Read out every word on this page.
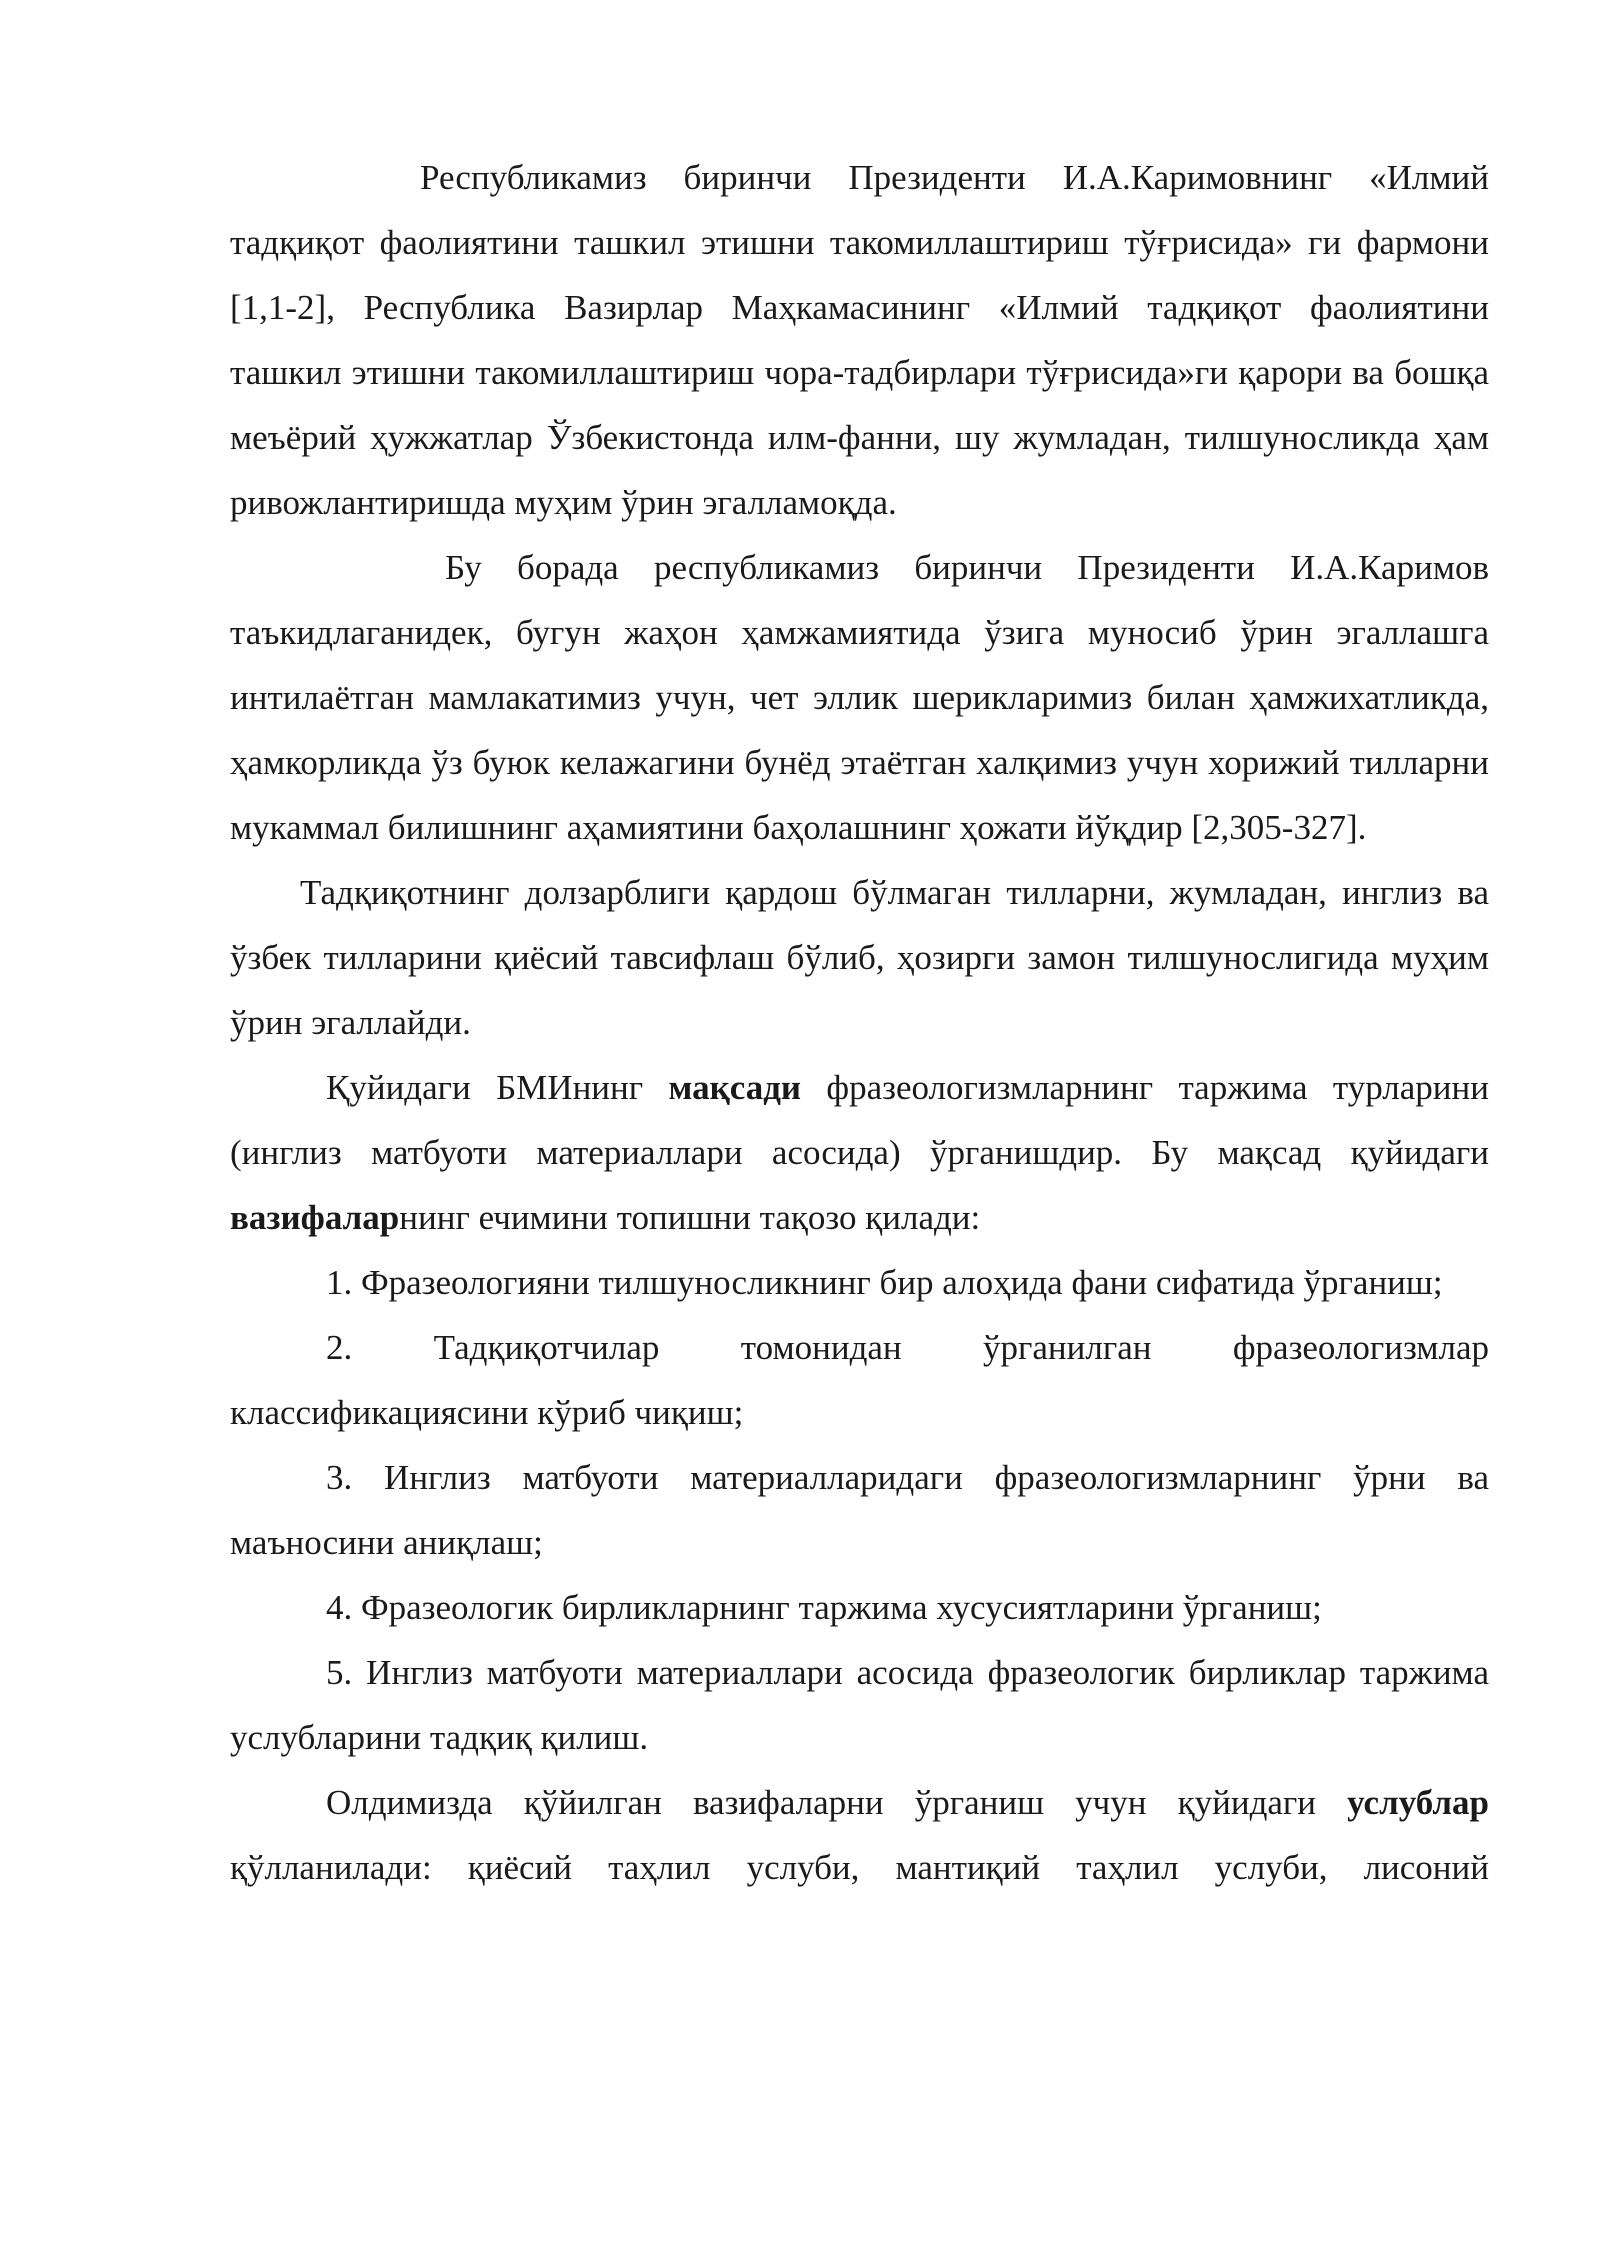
Республикамиз биринчи Президенти И.А.Каримовнинг «Илмий тадқиқот фаолиятини ташкил этишни такомиллаштириш тўғрисида» ги фармони [1,1-2], Республика Вазирлар Маҳкамасининг «Илмий тадқиқот фаолиятини ташкил этишни такомиллаштириш чора-тадбирлари тўғрисида»ги қарори ва бошқа меъёрий ҳужжатлар Ўзбекистонда илм-фанни, шу жумладан, тилшуносликда ҳам ривожлантиришда муҳим ўрин эгалламоқда.

Бу борада республикамиз биринчи Президенти И.А.Каримов таъкидлаганидек, бугун жаҳон ҳамжамиятида ўзига муносиб ўрин эгаллашга интилаётган мамлакатимиз учун, чет эллик шерикларимиз билан ҳамжихатликда, ҳамкорликда ўз буюк келажагини бунёд этаётган халқимиз учун хорижий тилларни мукаммал билишнинг аҳамиятини баҳолашнинг ҳожати йўқдир [2,305-327].

Тадқиқотнинг долзарблиги қардош бўлмаган тилларни, жумладан, инглиз ва ўзбек тилларини қиёсий тавсифлаш бўлиб, ҳозирги замон тилшунослигида муҳим ўрин эгаллайди.

Қуйидаги БМИнинг мақсади фразеологизмларнинг таржима турларини (инглиз матбуоти материаллари асосида) ўрганишдир. Бу мақсад қуйидаги вазифаларнинг ечимини топишни тақозо қилади:

1. Фразеологияни тилшуносликнинг бир алоҳида фани сифатида ўрганиш;

2. Тадқиқотчилар томонидан ўрганилган фразеологизмлар классификациясини кўриб чиқиш;

3. Инглиз матбуоти материалларидаги фразеологизмларнинг ўрни ва маъносини аниқлаш;

4. Фразеологик бирликларнинг таржима хусусиятларини ўрганиш;

5. Инглиз матбуоти материаллари асосида фразеологик бирликлар таржима услубларини тадқиқ қилиш.

Олдимизда қўйилган вазифаларни ўрганиш учун қуйидаги услублар қўлланилади: қиёсий таҳлил услуби, мантиқий таҳлил услуби, лисоний
